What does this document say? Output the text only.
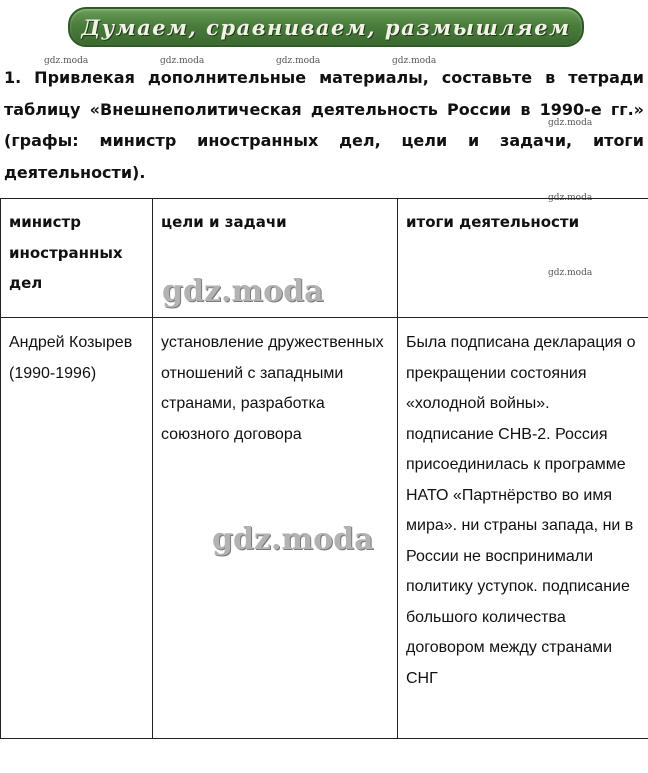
Думаем, сравниваем, размышляем

1. Привлекая дополнительные материалы, составьте в тетради таблицу «Внешнеполитическая деятельность России в 1990-е гг.» (графы: министр иностранных дел, цели и задачи, итоги деятельности).

gdz.moda	gdz.moda	gdz.moda	gdz.moda
gdz.moda
gdz.moda
gdz.moda
министр иностранных дел	цели и задачи	итоги деятельности
Андрей Козырев (1990-1996)	установление дружественных отношений с западными странами, разработка союзного договора	Была подписана декларация о прекращении состояния «холодной войны». подписание СНВ-2. Россия присоединилась к программе НАТО «Партнёрство во имя мира». ни страны запада, ни в России не воспринимали политику уступок. подписание большого количества договором между странами СНГ
gdz.moda
gdz.moda
